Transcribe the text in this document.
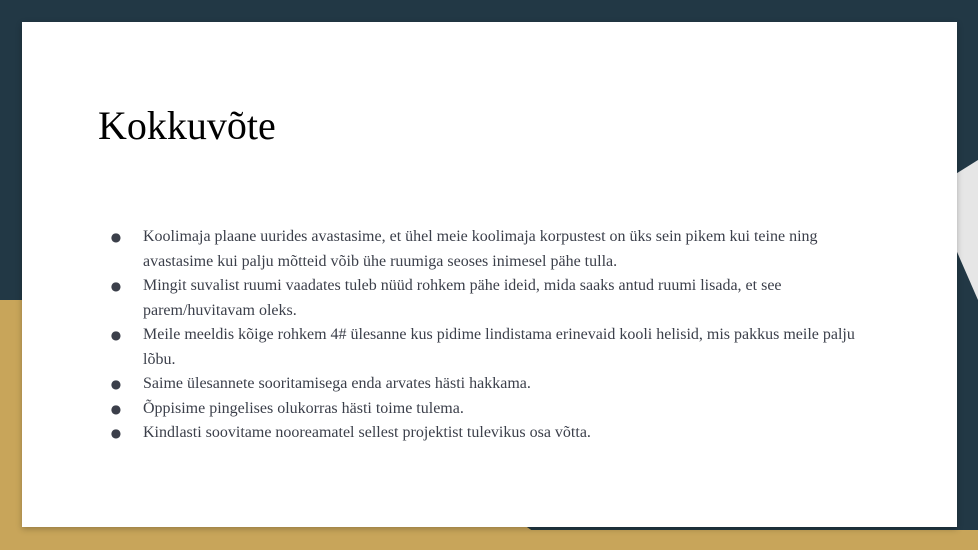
Kokkuvõte
● Koolimaja plaane uurides avastasime, et ühel meie koolimaja korpustest on üks sein pikem kui teine ning avastasime kui palju mõtteid võib ühe ruumiga seoses inimesel pähe tulla.
● Mingit suvalist ruumi vaadates tuleb nüüd rohkem pähe ideid, mida saaks antud ruumi lisada, et see parem/huvitavam oleks.
● Meile meeldis kõige rohkem 4# ülesanne kus pidime lindistama erinevaid kooli helisid, mis pakkus meile palju lõbu.
● Saime ülesannete sooritamisega enda arvates hästi hakkama.
● Õppisime pingelises olukorras hästi toime tulema.
● Kindlasti soovitame nooreamatel sellest projektist tulevikus osa võtta.
